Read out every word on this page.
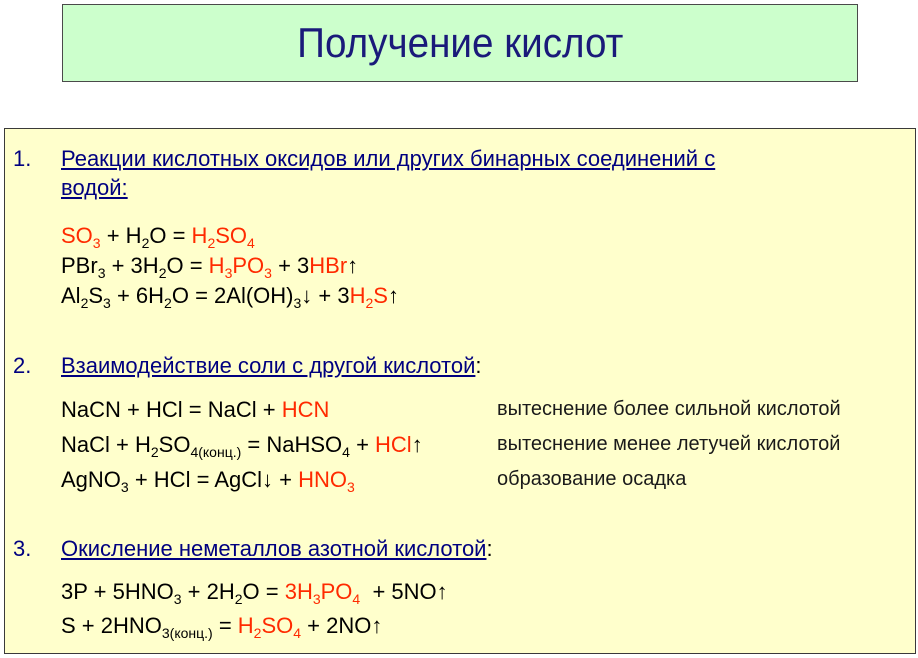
Получение кислот
1. Реакции кислотных оксидов или других бинарных соединений с
водой:
$SO_3 + H_2O = H_2SO_4$
$PBr_3 + 3H_2O = H_3PO_3$ + 3HBr↑
$Al_2S_3 + 6H_2O$ = $2Al(OH)_3↓$ + $3H_2S↑$
2. Взаимодействие соли с другой кислотой:
NaCN + HCl = NaCl + HCN	вытеснение более сильной кислотой
NaCl + $H_2SO_{4(конц.)}$ = NaHSO$_4$ + HCl↑	вытеснение менее летучей кислотой
AgNO$_3$ + HCl = AgCl↓ + $HNO_3$	образование осадка
3. Окисление неметаллов азотной кислотой:
$3P + 5HNO_3 + 2H_2O = 3H_3PO_4$  + 5NO↑
$S + 2HNO_{3(конц.)} = H_2SO_4$ + 2NO↑
